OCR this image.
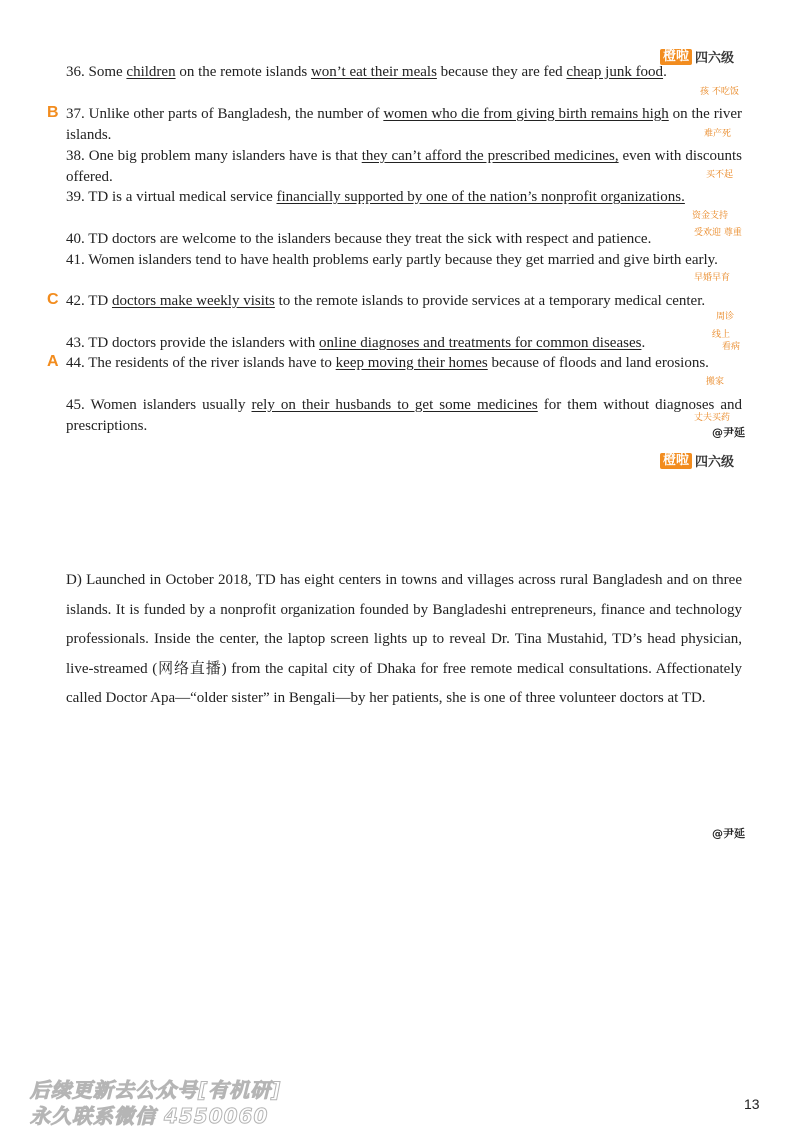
橙啦 四六级
36. Some children on the remote islands won’t eat their meals because they are fed cheap junk food.
B 37. Unlike other parts of Bangladesh, the number of women who die from giving birth remains high on the river islands.
38. One big problem many islanders have is that they can’t afford the prescribed medicines, even with discounts offered.
39. TD is a virtual medical service financially supported by one of the nation’s nonprofit organizations.
40. TD doctors are welcome to the islanders because they treat the sick with respect and patience.
41. Women islanders tend to have health problems early partly because they get married and give birth early.
C 42. TD doctors make weekly visits to the remote islands to provide services at a temporary medical center.
43. TD doctors provide the islanders with online diagnoses and treatments for common diseases.
A 44. The residents of the river islands have to keep moving their homes because of floods and land erosions.
45. Women islanders usually rely on their husbands to get some medicines for them without diagnoses and prescriptions.
孩 不吃饭
难产死
买不起
资金支持
受欢迎 尊重
早婚早育
周诊
线上
看病
搬家
丈夫买药
@尹延
橙啦 四六级
D) Launched in October 2018, TD has eight centers in towns and villages across rural Bangladesh and on three islands. It is funded by a nonprofit organization founded by Bangladeshi entrepreneurs, finance and technology professionals. Inside the center, the laptop screen lights up to reveal Dr. Tina Mustahid, TD’s head physician, live-streamed (网络直播) from the capital city of Dhaka for free remote medical consultations. Affectionately called Doctor Apa—“older sister” in Bengali—by her patients, she is one of three volunteer doctors at TD.
@尹延
后续更新去公众号[有机研]
永久联系微信 4550060	13
